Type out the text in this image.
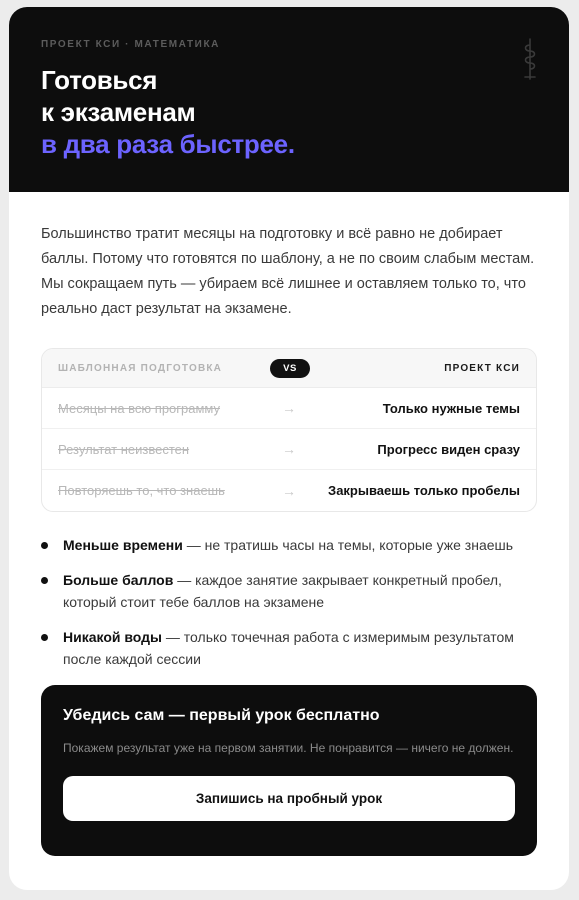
ПРОЕКТ КСИ · МАТЕМАТИКА
Готовься
к экзаменам
в два раза быстрее.

Большинство тратит месяцы на подготовку и всё равно не добирает баллы. Потому что готовятся по шаблону, а не по своим слабым местам. Мы сокращаем путь — убираем всё лишнее и оставляем только то, что реально даст результат на экзамене.

ШАБЛОННАЯ ПОДГОТОВКА	VS	ПРОЕКТ КСИ
Месяцы на всю программу	→	Только нужные темы
Результат неизвестен	→	Прогресс виден сразу
Повторяешь то, что знаешь	→ Закрываешь только пробелы
Меньше времени — не тратишь часы на темы, которые уже знаешь
Больше баллов — каждое занятие закрывает конкретный пробел, который стоит тебе баллов на экзамене
Никакой воды — только точечная работа с измеримым результатом после каждой сессии
Убедись сам — первый урок бесплатно
Покажем результат уже на первом занятии. Не понравится — ничего не должен.
Запишись на пробный урок
